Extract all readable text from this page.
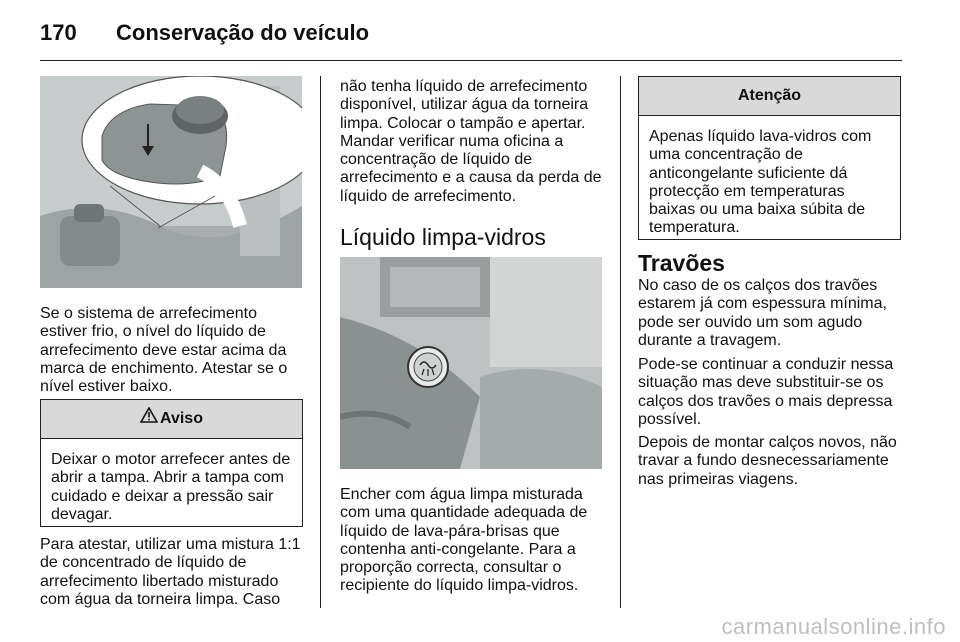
170 Conservação do veículo

Se o sistema de arrefecimento estiver frio, o nível do líquido de arrefecimento deve estar acima da marca de enchimento. Atestar se o nível estiver baixo.

Aviso
Deixar o motor arrefecer antes de abrir a tampa. Abrir a tampa com cuidado e deixar a pressão sair devagar.

Para atestar, utilizar uma mistura 1:1 de concentrado de líquido de arrefecimento libertado misturado com água da torneira limpa. Caso

não tenha líquido de arrefecimento disponível, utilizar água da torneira limpa. Colocar o tampão e apertar. Mandar verificar numa oficina a concentração de líquido de arrefecimento e a causa da perda de líquido de arrefecimento.

Líquido limpa-vidros

Encher com água limpa misturada com uma quantidade adequada de líquido de lava-pára-brisas que contenha anti-congelante. Para a proporção correcta, consultar o recipiente do líquido limpa-vidros.

Atenção
Apenas líquido lava-vidros com uma concentração de anticongelante suficiente dá protecção em temperaturas baixas ou uma baixa súbita de temperatura.
Travões

No caso de os calços dos travões estarem já com espessura mínima, pode ser ouvido um som agudo durante a travagem.

Pode-se continuar a conduzir nessa situação mas deve substituir-se os calços dos travões o mais depressa possível.

Depois de montar calços novos, não travar a fundo desnecessariamente nas primeiras viagens.

carmanualsonline.info
